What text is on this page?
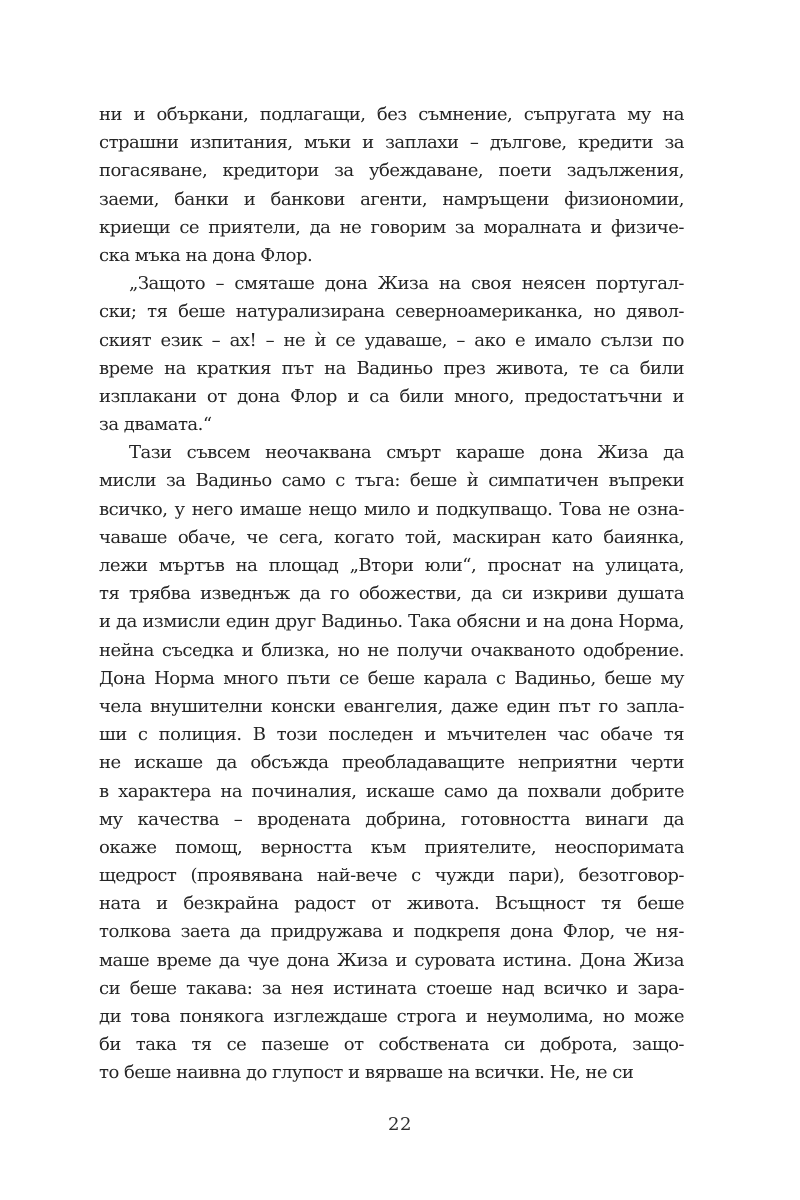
ни и объркани, подлагащи, без съмнение, съпругата му на
страшни изпитания, мъки и заплахи – дългове, кредити за
погасяване, кредитори за убеждаване, поети задължения,
заеми, банки и банкови агенти, намръщени физиономии,
криещи се приятели, да не говорим за моралната и физиче-
ска мъка на дона Флор.
„Защото – смяташе дона Жиза на своя неясен португал-
ски; тя беше натурализирана северноамериканка, но дявол-
ският език – ах! – не ѝ се удаваше, – ако е имало сълзи по
време на краткия път на Вадиньо през живота, те са били
изплакани от дона Флор и са били много, предостатъчни и
за двамата.“
Тази съвсем неочаквана смърт караше дона Жиза да
мисли за Вадиньо само с тъга: беше ѝ симпатичен въпреки
всичко, у него имаше нещо мило и подкупващо. Това не озна-
чаваше обаче, че сега, когато той, маскиран като баиянка,
лежи мъртъв на площад „Втори юли“, проснат на улицата,
тя трябва изведнъж да го обожестви, да си изкриви душата
и да измисли един друг Вадиньо. Така обясни и на дона Норма,
нейна съседка и близка, но не получи очакваното одобрение.
Дона Норма много пъти се беше карала с Вадиньо, беше му
чела внушителни конски евангелия, даже един път го запла-
ши с полиция. В този последен и мъчителен час обаче тя
не искаше да обсъжда преобладаващите неприятни черти
в характера на починалия, искаше само да похвали добрите
му качества – вродената добрина, готовността винаги да
окаже помощ, верността към приятелите, неоспоримата
щедрост (проявявана най-вече с чужди пари), безотговор-
ната и безкрайна радост от живота. Всъщност тя беше
толкова заета да придружава и подкрепя дона Флор, че ня-
маше време да чуе дона Жиза и суровата истина. Дона Жиза
си беше такава: за нея истината стоеше над всичко и зара-
ди това понякога изглеждаше строга и неумолима, но може
би така тя се пазеше от собствената си доброта, защо-
то беше наивна до глупост и вярваше на всички. Не, не си
22
